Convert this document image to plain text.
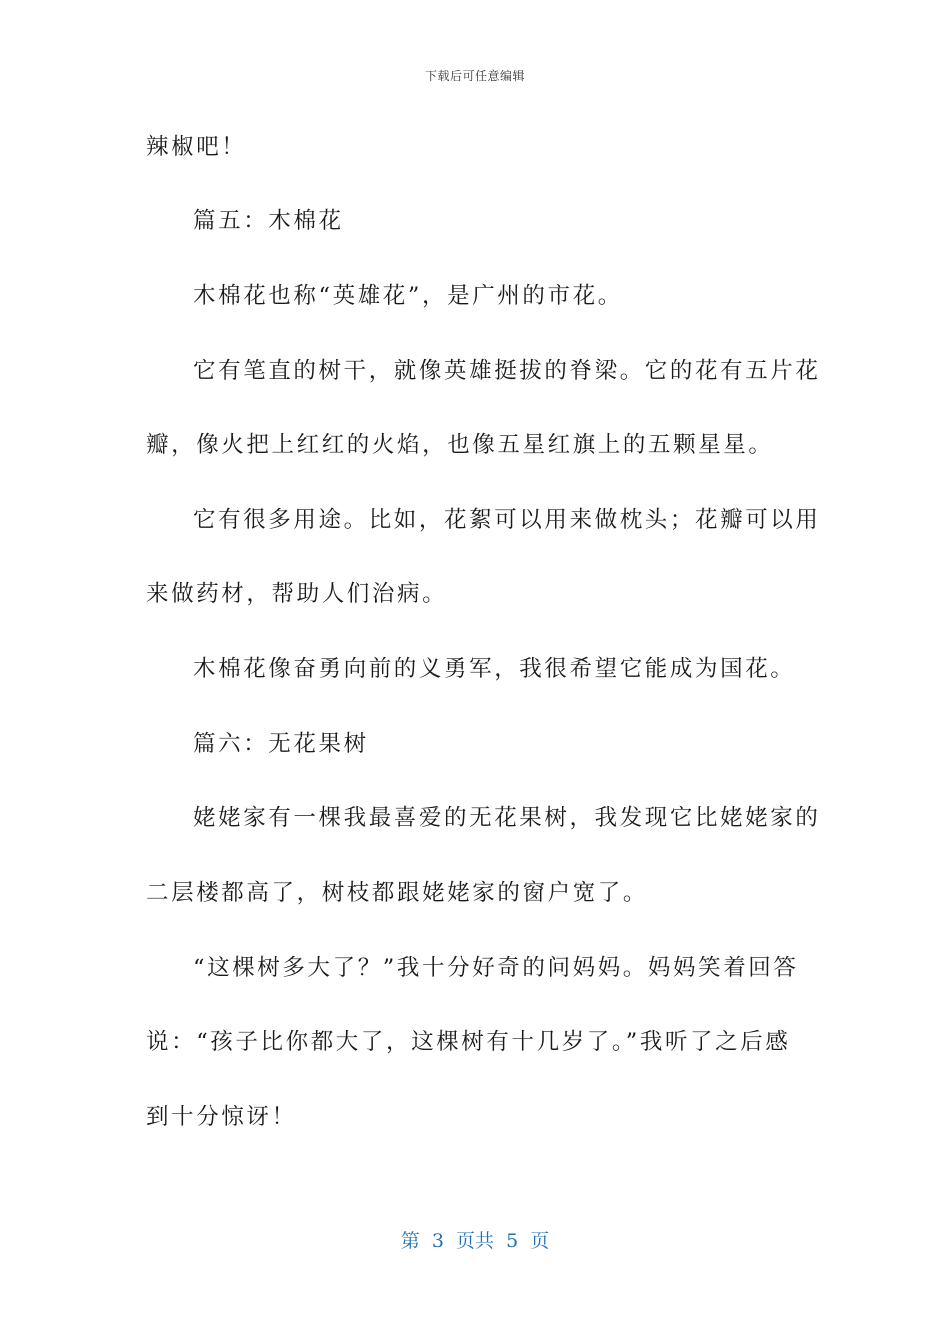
下载后可任意编辑
辣椒吧！
篇五：木棉花
木棉花也称“英雄花”，是广州的市花。
它有笔直的树干，就像英雄挺拔的脊梁。它的花有五片花
瓣，像火把上红红的火焰，也像五星红旗上的五颗星星。
它有很多用途。比如，花絮可以用来做枕头；花瓣可以用
来做药材，帮助人们治病。
木棉花像奋勇向前的义勇军，我很希望它能成为国花。
篇六：无花果树
姥姥家有一棵我最喜爱的无花果树，我发现它比姥姥家的
二层楼都高了，树枝都跟姥姥家的窗户宽了。
“这棵树多大了？”我十分好奇的问妈妈。妈妈笑着回答
说：“孩子比你都大了，这棵树有十几岁了。”我听了之后感
到十分惊讶！
第  3  页共  5  页
